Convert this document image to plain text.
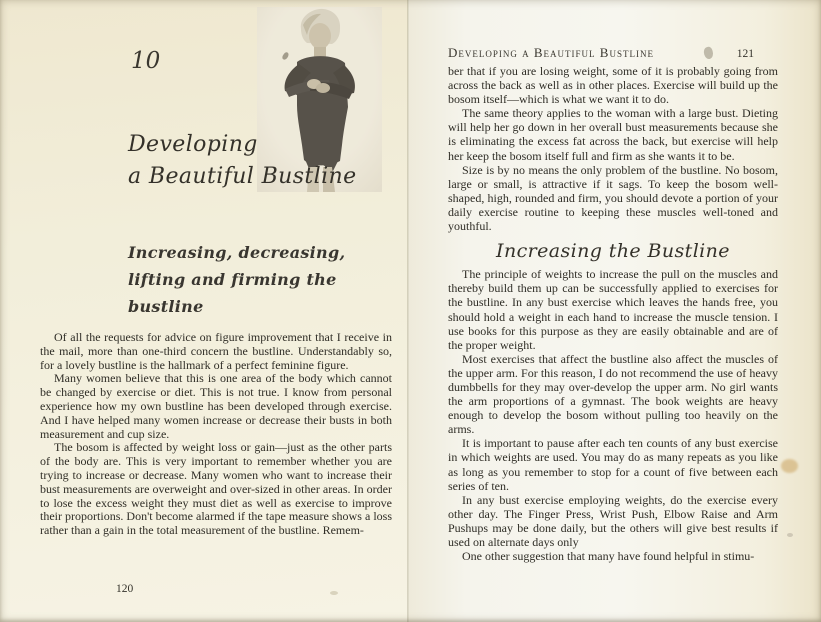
10
Developing
a Beautiful Bustline
Increasing, decreasing,
lifting and firming the bustline

Of all the requests for advice on figure improvement that I receive in the mail, more than one-third concern the bustline. Understandably so, for a lovely bustline is the hallmark of a perfect feminine figure.

Many women believe that this is one area of the body which cannot be changed by exercise or diet. This is not true. I know from personal experience how my own bustline has been developed through exercise. And I have helped many women increase or decrease their busts in both measurement and cup size.

The bosom is affected by weight loss or gain—just as the other parts of the body are. This is very important to remember whether you are trying to increase or decrease. Many women who want to increase their bust measurements are overweight and over-sized in other areas. In order to lose the excess weight they must diet as well as exercise to improve their proportions. Don't become alarmed if the tape measure shows a loss rather than a gain in the total measurement of the bustline. Remem-

120
Developing a Beautiful Bustline	121

ber that if you are losing weight, some of it is probably going from across the back as well as in other places. Exercise will build up the bosom itself—which is what we want it to do.

The same theory applies to the woman with a large bust. Dieting will help her go down in her overall bust measurements because she is eliminating the excess fat across the back, but exercise will help her keep the bosom itself full and firm as she wants it to be.

Size is by no means the only problem of the bustline. No bosom, large or small, is attractive if it sags. To keep the bosom well-shaped, high, rounded and firm, you should devote a portion of your daily exercise routine to keeping these muscles well-toned and youthful.

Increasing the Bustline

The principle of weights to increase the pull on the muscles and thereby build them up can be successfully applied to exercises for the bustline. In any bust exercise which leaves the hands free, you should hold a weight in each hand to increase the muscle tension. I use books for this purpose as they are easily obtainable and are of the proper weight.

Most exercises that affect the bustline also affect the muscles of the upper arm. For this reason, I do not recommend the use of heavy dumbbells for they may over-develop the upper arm. No girl wants the arm proportions of a gymnast. The book weights are heavy enough to develop the bosom without pulling too heavily on the arms.

It is important to pause after each ten counts of any bust exercise in which weights are used. You may do as many repeats as you like as long as you remember to stop for a count of five between each series of ten.

In any bust exercise employing weights, do the exercise every other day. The Finger Press, Wrist Push, Elbow Raise and Arm Pushups may be done daily, but the others will give best results if used on alternate days only

One other suggestion that many have found helpful in stimu-
